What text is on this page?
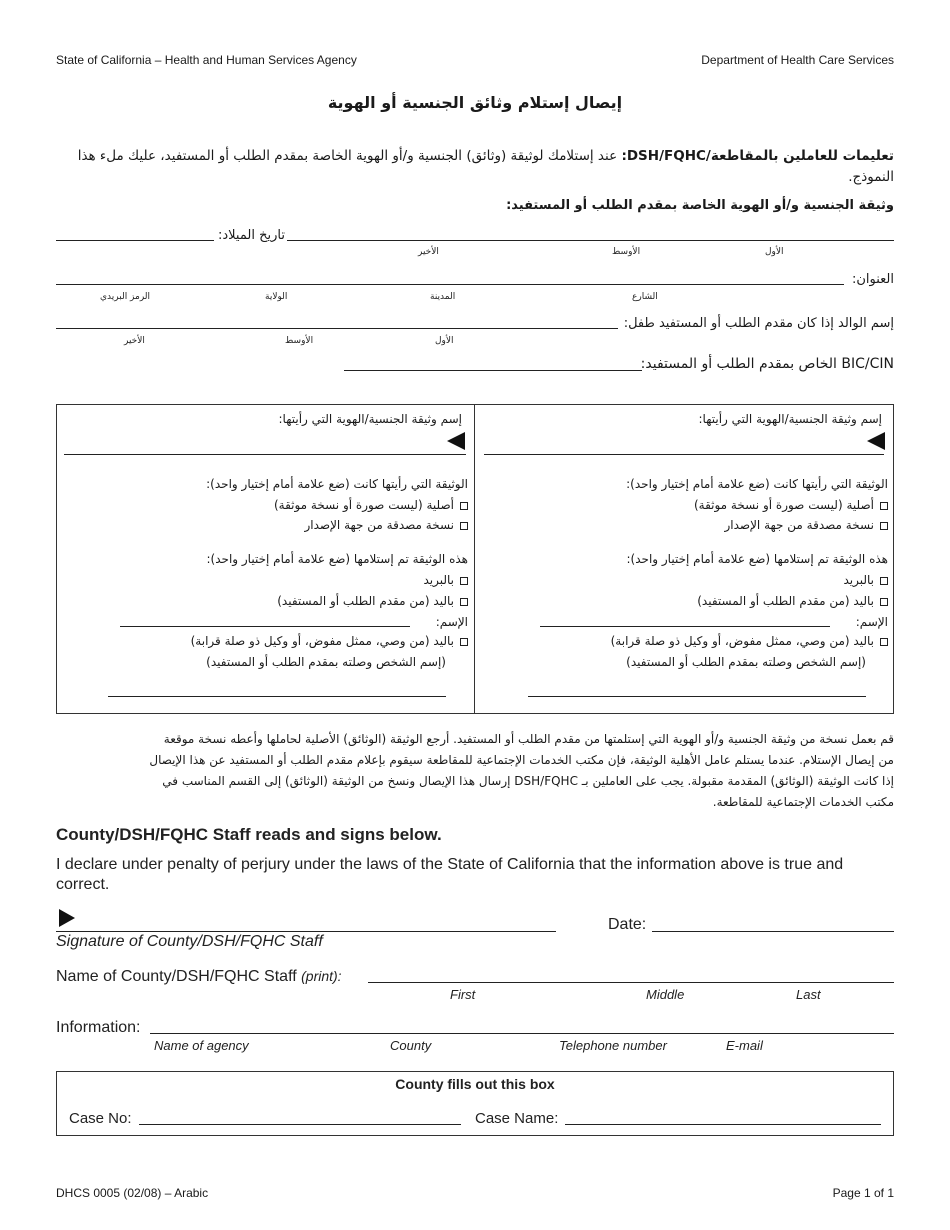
State of California – Health and Human Services Agency	Department of Health Care Services
إيصال إستلام وثائق الجنسية أو الهوية
تعليمات للعاملين بالمقاطعة/DSH/FQHC: عند إستلامك لوثيقة (وثائق) الجنسية و/أو الهوية الخاصة بمقدم الطلب أو المستفيد، عليك ملء هذا النموذج.
وثيقة الجنسية و/أو الهوية الخاصة بمقدم الطلب أو المستفيد:
تاريخ الميلاد:
الأول
الأوسط
الأخير
العنوان:
الشارع
المدينة
الولاية
الرمز البريدي
إسم الوالد إذا كان مقدم الطلب أو المستفيد طفل:
الأول
الأوسط
الأخير
BIC/CIN الخاص بمقدم الطلب أو المستفيد:
إسم وثيقة الجنسية/الهوية التي رأيتها:
الوثيقة التي رأيتها كانت (ضع علامة أمام إختيار واحد):
أصلية (ليست صورة أو نسخة موثقة)
نسخة مصدقة من جهة الإصدار
هذه الوثيقة تم إستلامها (ضع علامة أمام إختيار واحد):
بالبريد
باليد (من مقدم الطلب أو المستفيد)
الإسم:
باليد (من وصي، ممثل مفوض، أو وكيل ذو صلة قرابة)
(إسم الشخص وصلته بمقدم الطلب أو المستفيد)
إسم وثيقة الجنسية/الهوية التي رأيتها:
الوثيقة التي رأيتها كانت (ضع علامة أمام إختيار واحد):
أصلية (ليست صورة أو نسخة موثقة)
نسخة مصدقة من جهة الإصدار
هذه الوثيقة تم إستلامها (ضع علامة أمام إختيار واحد):
بالبريد
باليد (من مقدم الطلب أو المستفيد)
الإسم:
باليد (من وصي، ممثل مفوض، أو وكيل ذو صلة قرابة)
(إسم الشخص وصلته بمقدم الطلب أو المستفيد)
قم بعمل نسخة من وثيقة الجنسية و/أو الهوية التي إستلمتها من مقدم الطلب أو المستفيد. أرجع الوثيقة (الوثائق) الأصلية لحاملها وأعطه نسخة موقعة
من إيصال الإستلام. عندما يستلم عامل الأهلية الوثيقة، فإن مكتب الخدمات الإجتماعية للمقاطعة سيقوم بإعلام مقدم الطلب أو المستفيد عن هذا الإيصال
إذا كانت الوثيقة (الوثائق) المقدمة مقبولة. يجب على العاملين بـ DSH/FQHC إرسال هذا الإيصال ونسخ من الوثيقة (الوثائق) إلى القسم المناسب في
مكتب الخدمات الإجتماعية للمقاطعة.
County/DSH/FQHC Staff reads and signs below.
I declare under penalty of perjury under the laws of the State of California that the information above is true and correct.
Date:
Signature of County/DSH/FQHC Staff
Name of County/DSH/FQHC Staff (print):
First	Middle	Last
Information:
Name of agency	County	Telephone number	E-mail
County fills out this box
Case No:	Case Name:
DHCS 0005 (02/08) – Arabic	Page 1 of 1
